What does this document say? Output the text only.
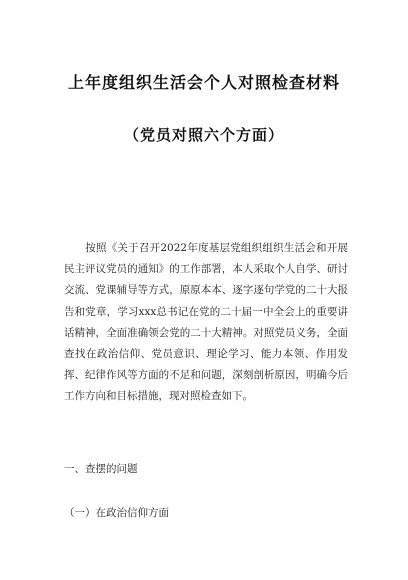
上年度组织生活会个人对照检查材料
（党员对照六个方面）
按照《关于召开2022年度基层党组织组织生活会和开展民主评议党员的通知》的工作部署，本人采取个人自学、研讨交流、党课辅导等方式，原原本本、逐字逐句学党的二十大报告和党章，学习xxx总书记在党的二十届一中全会上的重要讲话精神，全面准确领会党的二十大精神。对照党员义务，全面查找在政治信仰、党员意识、理论学习、能力本领、作用发挥、纪律作风等方面的不足和问题，深刻剖析原因，明确今后工作方向和目标措施，现对照检查如下。
一、查摆的问题
（一）在政治信仰方面
